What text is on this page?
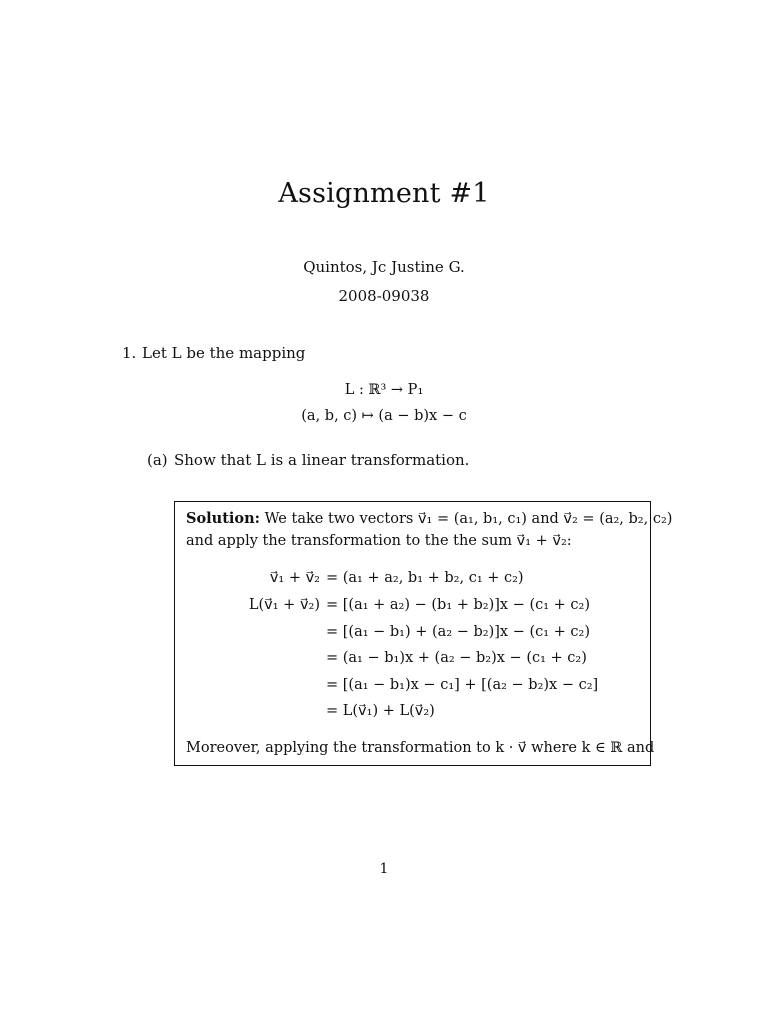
Assignment #1
Quintos, Jc Justine G.
2008-09038
1. Let L be the mapping
L : ℝ³ → P₁
(a, b, c) ↦ (a − b)x − c
(a) Show that L is a linear transformation.
Solution: We take two vectors v⃗₁ = (a₁, b₁, c₁) and v⃗₂ = (a₂, b₂, c₂)
and apply the transformation to the the sum v⃗₁ + v⃗₂:
v⃗₁ + v⃗₂ = (a₁ + a₂, b₁ + b₂, c₁ + c₂)
L(v⃗₁ + v⃗₂) = [(a₁ + a₂) − (b₁ + b₂)]x − (c₁ + c₂)
= [(a₁ − b₁) + (a₂ − b₂)]x − (c₁ + c₂)
= (a₁ − b₁)x + (a₂ − b₂)x − (c₁ + c₂)
= [(a₁ − b₁)x − c₁] + [(a₂ − b₂)x − c₂]
= L(v⃗₁) + L(v⃗₂)
Moreover, applying the transformation to k · v⃗ where k ∈ ℝ and
1
